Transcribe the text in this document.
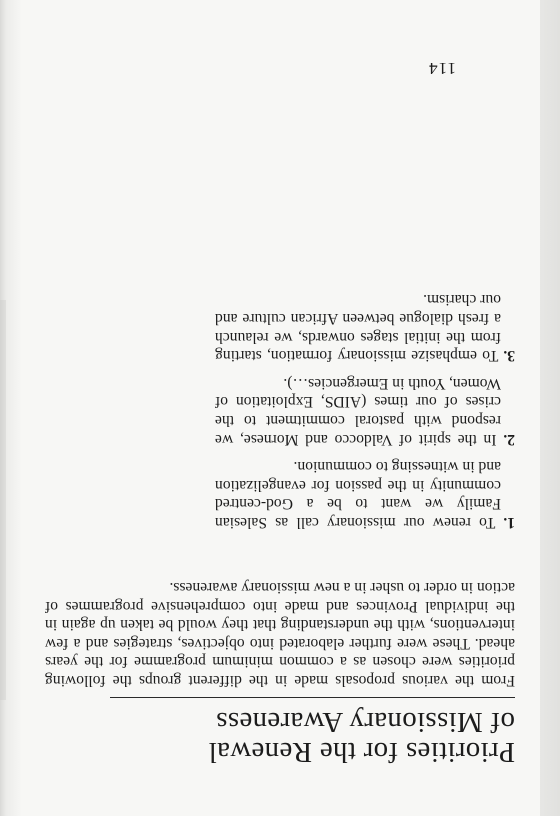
114
Priorities for the Renewal
of Missionary Awareness

From the various proposals made in the different groups the following priorities were chosen as a common minimum programme for the years ahead. These were further elaborated into objectives, strategies and a few interventions, with the understanding that they would be taken up again in the individual Provinces and made into comprehensive programmes of action in order to usher in a new missionary awareness.

1. To renew our missionary call as Salesian Family we want to be a God-centred community in the passion for evangelization and in witnessing to communion.
2. In the spirit of Valdocco and Mornese, we respond with pastoral commitment to the crises of our times (AIDS, Exploitation of Women, Youth in Emergencies…).
3. To emphasize missionary formation, starting from the initial stages onwards, we relaunch a fresh dialogue between African culture and our charism.
